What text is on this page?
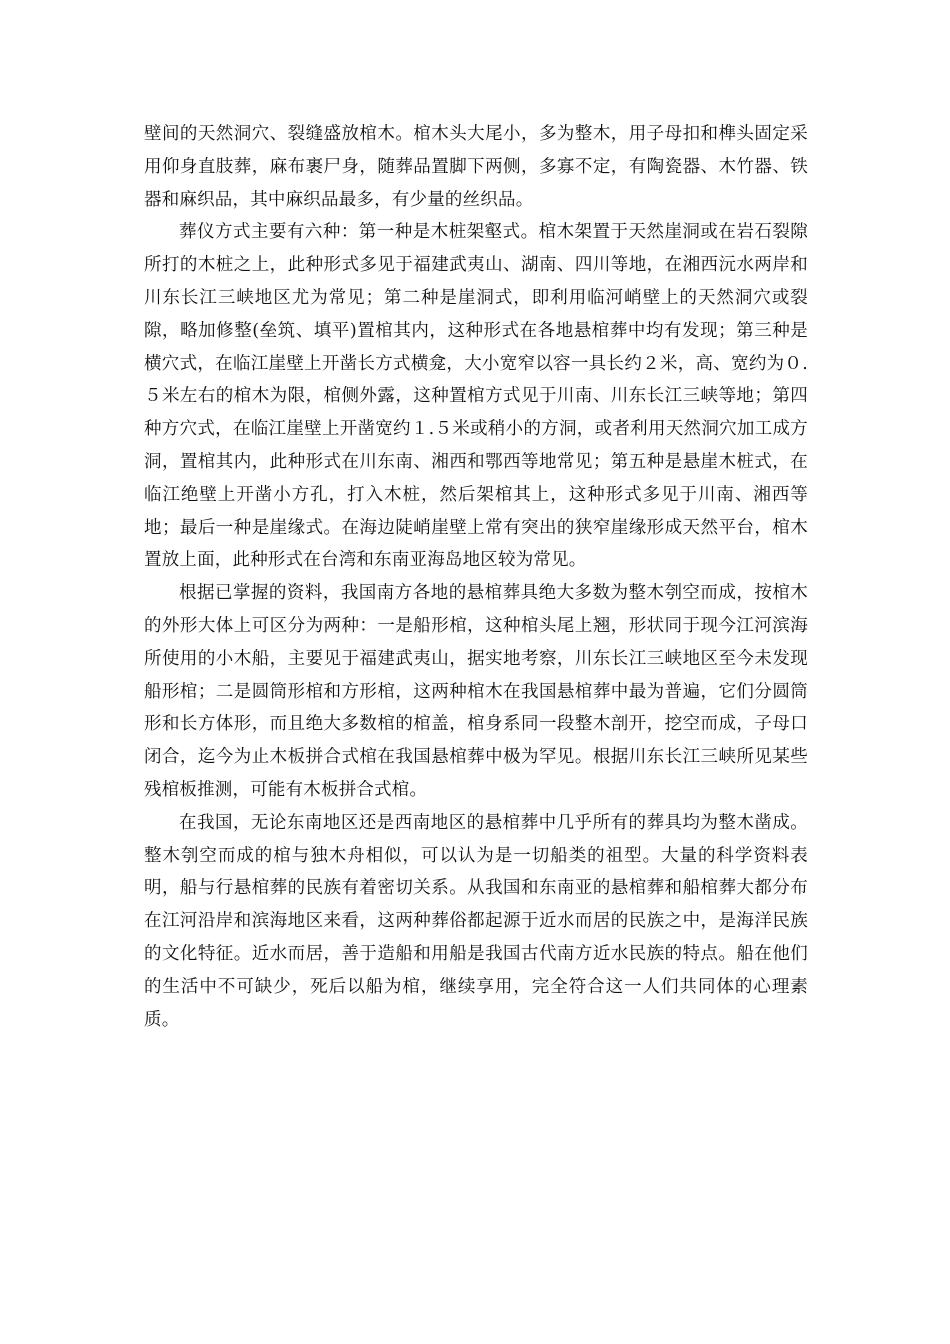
壁间的天然洞穴、裂缝盛放棺木。棺木头大尾小，多为整木，用子母扣和榫头固定采用仰身直肢葬，麻布裹尸身，随葬品置脚下两侧，多寡不定，有陶瓷器、木竹器、铁器和麻织品，其中麻织品最多，有少量的丝织品。

葬仪方式主要有六种：第一种是木桩架壑式。棺木架置于天然崖洞或在岩石裂隙所打的木桩之上，此种形式多见于福建武夷山、湖南、四川等地，在湘西沅水两岸和川东长江三峡地区尤为常见；第二种是崖洞式，即利用临河峭壁上的天然洞穴或裂隙，略加修整(垒筑、填平)置棺其内，这种形式在各地悬棺葬中均有发现；第三种是横穴式，在临江崖壁上开凿长方式横龛，大小宽窄以容一具长约２米，高、宽约为０.５米左右的棺木为限，棺侧外露，这种置棺方式见于川南、川东长江三峡等地；第四种方穴式，在临江崖壁上开凿宽约１.５米或稍小的方洞，或者利用天然洞穴加工成方洞，置棺其内，此种形式在川东南、湘西和鄂西等地常见；第五种是悬崖木桩式，在临江绝壁上开凿小方孔，打入木桩，然后架棺其上，这种形式多见于川南、湘西等地；最后一种是崖缘式。在海边陡峭崖壁上常有突出的狭窄崖缘形成天然平台，棺木置放上面，此种形式在台湾和东南亚海岛地区较为常见。

根据已掌握的资料，我国南方各地的悬棺葬具绝大多数为整木刳空而成，按棺木的外形大体上可区分为两种：一是船形棺，这种棺头尾上翘，形状同于现今江河滨海所使用的小木船，主要见于福建武夷山，据实地考察，川东长江三峡地区至今未发现船形棺；二是圆筒形棺和方形棺，这两种棺木在我国悬棺葬中最为普遍，它们分圆筒形和长方体形，而且绝大多数棺的棺盖，棺身系同一段整木剖开，挖空而成，子母口闭合，迄今为止木板拼合式棺在我国悬棺葬中极为罕见。根据川东长江三峡所见某些残棺板推测，可能有木板拼合式棺。

在我国，无论东南地区还是西南地区的悬棺葬中几乎所有的葬具均为整木凿成。整木刳空而成的棺与独木舟相似，可以认为是一切船类的祖型。大量的科学资料表明，船与行悬棺葬的民族有着密切关系。从我国和东南亚的悬棺葬和船棺葬大都分布在江河沿岸和滨海地区来看，这两种葬俗都起源于近水而居的民族之中，是海洋民族的文化特征。近水而居，善于造船和用船是我国古代南方近水民族的特点。船在他们的生活中不可缺少，死后以船为棺，继续享用，完全符合这一人们共同体的心理素质。
